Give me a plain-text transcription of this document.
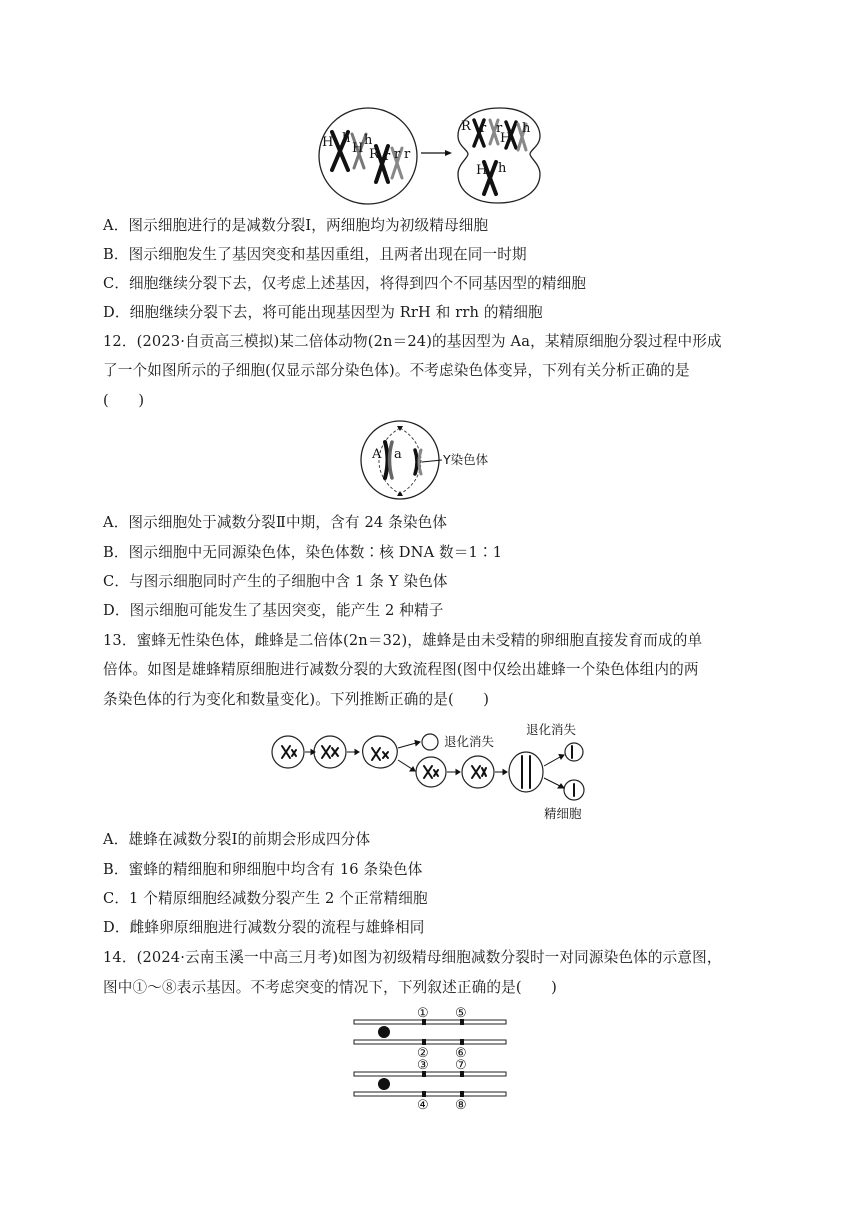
H h
H
h
R r r r
R r r
H
h
H h
A．图示细胞进行的是减数分裂Ⅰ，两细胞均为初级精母细胞
B．图示细胞发生了基因突变和基因重组，且两者出现在同一时期
C．细胞继续分裂下去，仅考虑上述基因，将得到四个不同基因型的精细胞
D．细胞继续分裂下去，将可能出现基因型为 RrH 和 rrh 的精细胞
12．(2023·自贡高三模拟)某二倍体动物(2n＝24)的基因型为 Aa，某精原细胞分裂过程中形成
了一个如图所示的子细胞(仅显示部分染色体)。不考虑染色体变异，下列有关分析正确的是
(　　)
A a	Y染色体
A．图示细胞处于减数分裂Ⅱ中期，含有 24 条染色体
B．图示细胞中无同源染色体，染色体数∶核 DNA 数＝1∶1
C．与图示细胞同时产生的子细胞中含 1 条 Y 染色体
D．图示细胞可能发生了基因突变，能产生 2 种精子
13．蜜蜂无性染色体，雌蜂是二倍体(2n＝32)，雄蜂是由未受精的卵细胞直接发育而成的单
倍体。如图是雄蜂精原细胞进行减数分裂的大致流程图(图中仅绘出雄蜂一个染色体组内的两
条染色体的行为变化和数量变化)。下列推断正确的是(　　)
退化消失
退化消失
精细胞
A．雄蜂在减数分裂Ⅰ的前期会形成四分体
B．蜜蜂的精细胞和卵细胞中均含有 16 条染色体
C．1 个精原细胞经减数分裂产生 2 个正常精细胞
D．雌蜂卵原细胞进行减数分裂的流程与雄蜂相同
14．(2024·云南玉溪一中高三月考)如图为初级精母细胞减数分裂时一对同源染色体的示意图，
图中①～⑧表示基因。不考虑突变的情况下，下列叙述正确的是(　　)
① ⑤
② ⑥
③ ⑦
④ ⑧
